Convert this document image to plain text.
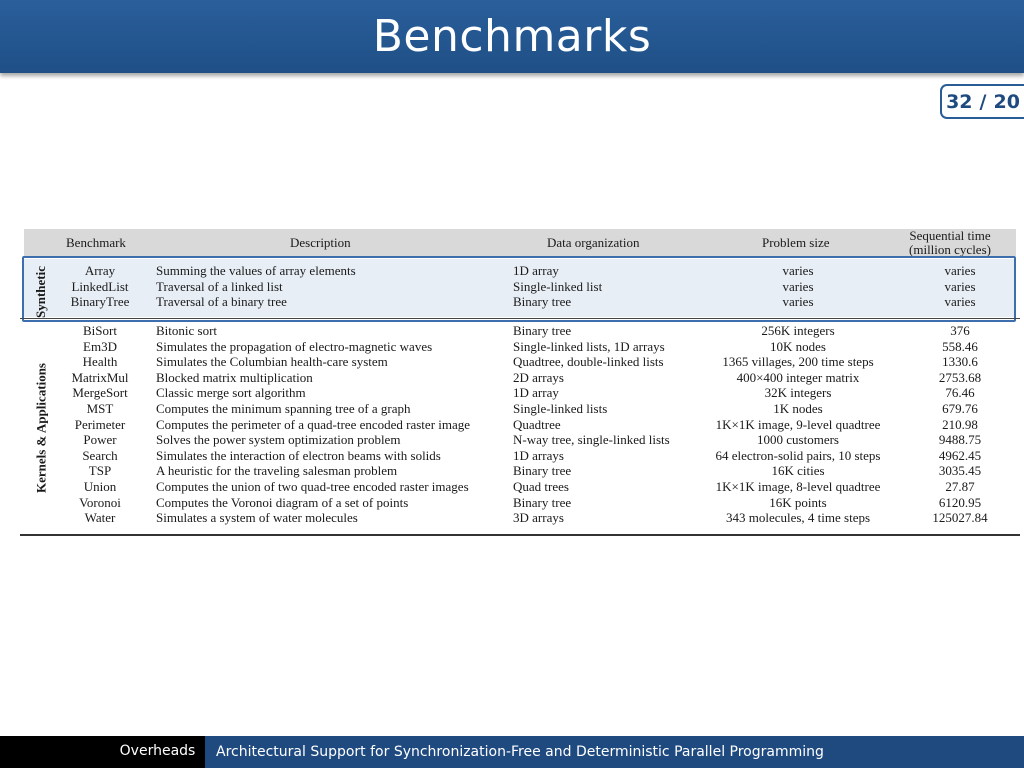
Benchmarks
32 / 20
Benchmark	Description	Data organization	Problem size	Sequential time (million cycles)
Synthetic
Kernels & Applications
Array	Summing the values of array elements	1D array	varies	varies
LinkedList	Traversal of a linked list	Single-linked list	varies	varies
BinaryTree	Traversal of a binary tree	Binary tree	varies	varies
BiSort	Bitonic sort	Binary tree	256K integers	376
Em3D	Simulates the propagation of electro-magnetic waves	Single-linked lists, 1D arrays	10K nodes	558.46
Health	Simulates the Columbian health-care system	Quadtree, double-linked lists	1365 villages, 200 time steps	1330.6
MatrixMul	Blocked matrix multiplication	2D arrays	400×400 integer matrix	2753.68
MergeSort	Classic merge sort algorithm	1D array	32K integers	76.46
MST	Computes the minimum spanning tree of a graph	Single-linked lists	1K nodes	679.76
Perimeter	Computes the perimeter of a quad-tree encoded raster image	Quadtree	1K×1K image, 9-level quadtree	210.98
Power	Solves the power system optimization problem	N-way tree, single-linked lists	1000 customers	9488.75
Search	Simulates the interaction of electron beams with solids	1D arrays	64 electron-solid pairs, 10 steps	4962.45
TSP	A heuristic for the traveling salesman problem	Binary tree	16K cities	3035.45
Union	Computes the union of two quad-tree encoded raster images	Quad trees	1K×1K image, 8-level quadtree	27.87
Voronoi	Computes the Voronoi diagram of a set of points	Binary tree	16K points	6120.95
Water	Simulates a system of water molecules	3D arrays	343 molecules, 4 time steps	125027.84
Overheads	Architectural Support for Synchronization-Free and Deterministic Parallel Programming
